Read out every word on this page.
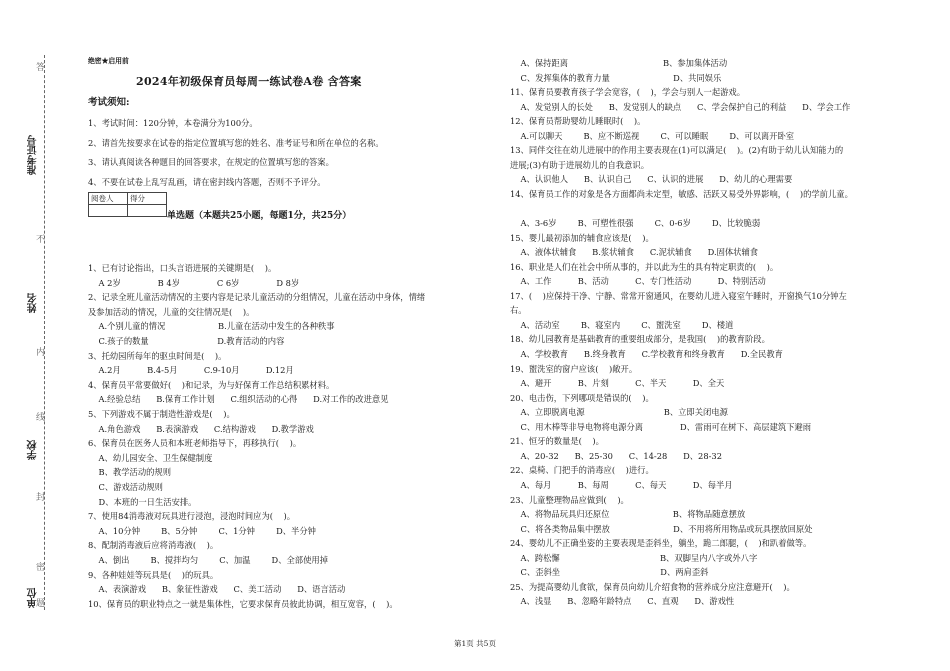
答
不
内
线
封
密
题
准考证号
姓名
学校
单位
绝密★启用前
2024年初级保育员每周一练试卷A卷 含答案
考试须知:
1、考试时间：120分钟，本卷满分为100分。
2、请首先按要求在试卷的指定位置填写您的姓名、准考证号和所在单位的名称。
3、请认真阅读各种题目的回答要求，在规定的位置填写您的答案。
4、不要在试卷上乱写乱画，请在密封线内答题，否则不予评分。
阅卷人	得分

单选题（本题共25小题，每题1分，共25分）
1、已有讨论指出，口头言语进展的关键期是(    )。
A 2岁              B 4岁              C 6岁              D 8岁
2、记录全班儿童活动情况的主要内容是记录儿童活动的分组情况，儿童在活动中身体，情绪
及参加活动的情况，儿童的交往情况是(    )。
A.个别儿童的情况                    B.儿童在活动中发生的各种秩事
C.孩子的数量                          D.教育活动的内容
3、托幼园所每年的驱虫时间是(    )。
A.2月          B.4-5月          C.9-10月          D.12月
4、保育员平常要做好(    )和记录，为与好保育工作总结积累材料。
A.经验总结      B.保育工作计划      C.组织活动的心得      D.对工作的改进意见
5、下列游戏不属于制造性游戏是(    )。
A.角色游戏      B.表演游戏      C.结构游戏      D.教学游戏
6、保育员在医务人员和本班老师指导下，再移执行(    )。
A、幼儿园安全、卫生保健制度
B、教学活动的规则
C、游戏活动规则
D、本班的一日生活安排。
7、使用84消毒液对玩具进行浸泡，浸泡时间应为(    )。
A、10分钟        B、5分钟        C、1分钟        D、半分钟
8、配制消毒液后应将消毒液(    )。
A、倒出        B、搅拌均匀        C、加温        D、全部使用掉
9、各种娃娃等玩具是(    )的玩具。
A、表演游戏      B、象征性游戏      C、美工活动      D、语言活动
10、保育员的职业特点之一就是集体性，它要求保育员彼此协调，相互宽容，(    )。
A、保持距离                                    B、参加集体活动
C、发挥集体的教育力量                        D、共同娱乐
11、保育员要教育孩子学会宽容，(    )，学会与别人一起游戏。
A、发觉别人的长处      B、发觉别人的缺点      C、学会保护自己的利益      D、学会工作
12、保育员帮助婴幼儿睡眠时(    )。
A.可以聊天        B、应不断巡视        C、可以睡眠        D、可以离开卧室
13、同伴交往在幼儿进展中的作用主要表现在(1)可以满足(    )。(2)有助于幼儿认知能力的
进展;(3)有助于进展幼儿的自我意识。
A、认识他人      B、认识自己      C、认识的进展      D、幼儿的心理需要
14、保育员工作的对象是各方面都尚未定型，敏感、活跃又易受外界影响，(    )的学前儿童。
A、3-6岁        B、可塑性很强        C、0-6岁        D、比较脆弱
15、婴儿最初添加的辅食应该是(    )。
A、液体状辅食      B.浆状辅食      C.泥状辅食      D.固体状辅食
16、职业是人们在社会中所从事的，并以此为生的具有特定职责的(    )。
A、工作          B、活动          C、专门性活动          D、特别活动
17、(    )应保持干净、宁静、常常开窗通风，在婴幼儿进入寝室午睡时，开窗换气10分钟左
右。
A、活动室        B、寝室内        C、盥洗室        D、楼道
18、幼儿园教育是基础教育的重要组成部分，是我国(    )的教育阶段。
A、学校教育      B.终身教育      C.学校教育和终身教育      D.全民教育
19、盥洗室的窗户应该(    )敞开。
A、避开          B、片刻          C、半天          D、全天
20、电击伤，下列哪项是错误的(    )。
A、立即脱离电源                              B、立即关闭电源
C、用木棒等非导电物将电源分离              D、雷雨可在树下、高层建筑下避雨
21、恒牙的数量是(    )。
A、20-32      B、25-30      C、14-28      D、28-32
22、桌椅、门把手的消毒应(    )进行。
A、每月          B、每周          C、每天          D、每半月
23、儿童整理物品应做到(    )。
A、将物品玩具归还原位                        B、将物品随意摆放
C、将各类物品集中摆放                        D、不用将所用物品或玩具摆放回原处
24、婴幼儿不正确坐姿的主要表现是歪斜坐，躺坐，跪二郎腿，(    )和趴着做等。
A、跨松懈                                      B、双脚呈内八字或外八字
C、歪斜坐                                      D、两肩歪斜
25、为提高婴幼儿食欲，保育员向幼儿介绍食物的营养成分应注意避开(    )。
A、浅显      B、忽略年龄特点      C、直观      D、游戏性
第1页 共5页
